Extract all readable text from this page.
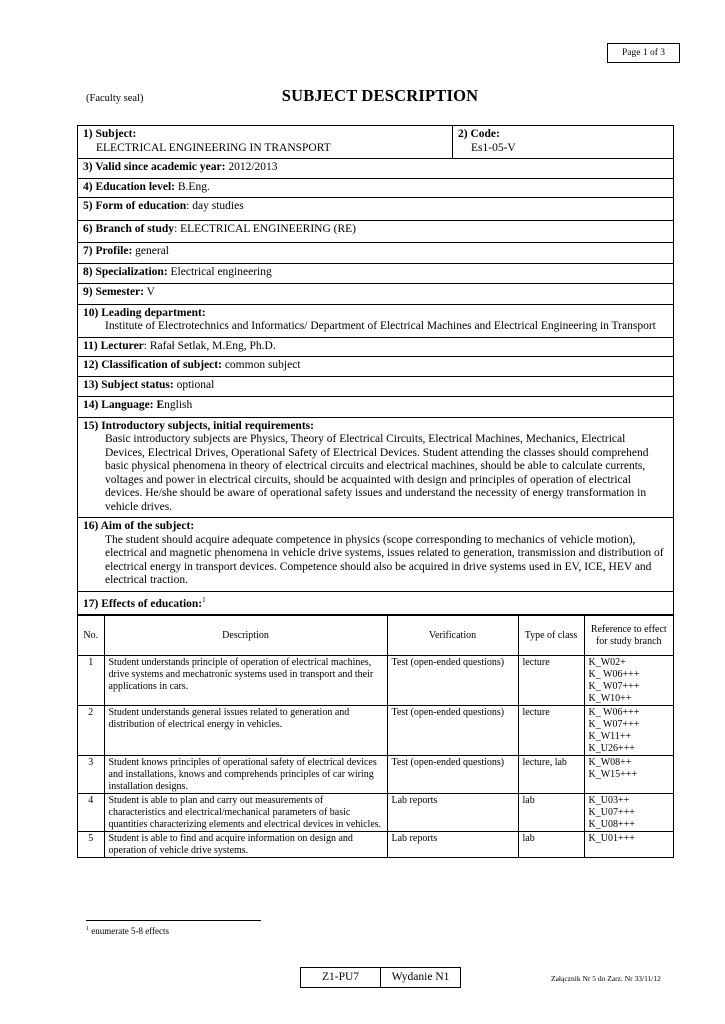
Page 1 of 3
(Faculty seal)	SUBJECT DESCRIPTION
1) Subject:
ELECTRICAL ENGINEERING IN TRANSPORT
2) Code:
Es1-05-V
3) Valid since academic year: 2012/2013
4) Education level: B.Eng.
5) Form of education: day studies
6) Branch of study: ELECTRICAL ENGINEERING (RE)
7) Profile: general
8) Specialization: Electrical engineering
9) Semester: V
10) Leading department:
Institute of Electrotechnics and Informatics/ Department of Electrical Machines and Electrical Engineering in Transport
11) Lecturer: Rafał Setlak, M.Eng, Ph.D.
12) Classification of subject: common subject
13) Subject status: optional
14) Language: English
15) Introductory subjects, initial requirements:
Basic introductory subjects are Physics, Theory of Electrical Circuits, Electrical Machines, Mechanics, Electrical Devices, Electrical Drives, Operational Safety of Electrical Devices. Student attending the classes should comprehend basic physical phenomena in theory of electrical circuits and electrical machines, should be able to calculate currents, voltages and power in electrical circuits, should be acquainted with design and principles of operation of electrical devices. He/she should be aware of operational safety issues and understand the necessity of energy transformation in vehicle drives.
16) Aim of the subject:
The student should acquire adequate competence in physics (scope corresponding to mechanics of vehicle motion), electrical and magnetic phenomena in vehicle drive systems, issues related to generation, transmission and distribution of electrical energy in transport devices. Competence should also be acquired in drive systems used in EV, ICE, HEV and electrical traction.
17) Effects of education:$^1$
No.	Description	Verification	Type of class	Reference to effect for study branch
1	Student understands principle of operation of electrical machines, drive systems and mechatronic systems used in transport and their applications in cars.	Test (open-ended questions)	lecture	K_W02+
K_ W06+++
K_ W07+++
K_W10++

2	Student understands general issues related to generation and distribution of electrical energy in vehicles.	Test (open-ended questions)	lecture	K_ W06+++
K_ W07+++
K_W11++
K_U26+++

3	Student knows principles of operational safety of electrical devices and installations, knows and comprehends principles of car wiring installation designs.	Test (open-ended questions)	lecture, lab	K_W08++
K_W15+++

4	Student is able to plan and carry out measurements of characteristics and electrical/mechanical parameters of basic quantities characterizing elements and electrical devices in vehicles.	Lab reports	lab	K_U03++
K_U07+++
K_U08+++

5	Student is able to find and acquire information on design and operation of vehicle drive systems.	Lab reports	lab	K_U01+++
$^1$ enumerate 5-8 effects
Z1-PU7	Wydanie N1	Załącznik Nr 5 do Zarz. Nr 33/11/12
